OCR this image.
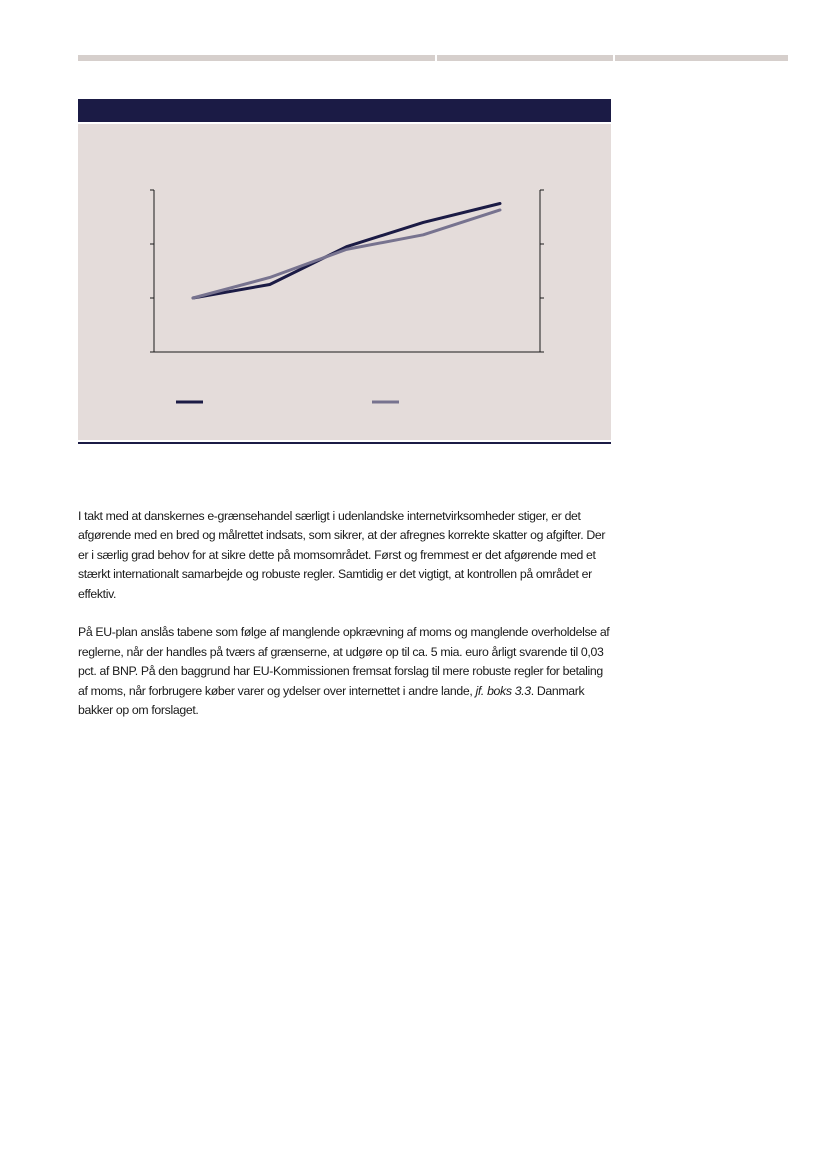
I takt med at danskernes e-grænsehandel særligt i udenlandske internetvirksomheder stiger, er det afgørende med en bred og målrettet indsats, som sikrer, at der afregnes korrekte skatter og afgifter. Der er i særlig grad behov for at sikre dette på momsområdet. Først og fremmest er det afgørende med et stærkt internationalt samarbejde og robuste regler. Samtidig er det vigtigt, at kontrollen på området er effektiv.

På EU-plan anslås tabene som følge af manglende opkrævning af moms og manglende overholdelse af reglerne, når der handles på tværs af grænserne, at udgøre op til ca. 5 mia. euro årligt svarende til 0,03 pct. af BNP. På den baggrund har EU-Kommissionen fremsat forslag til mere robuste regler for betaling af moms, når forbrugere køber varer og ydelser over internettet i andre lande, jf. boks 3.3. Danmark bakker op om forslaget.
